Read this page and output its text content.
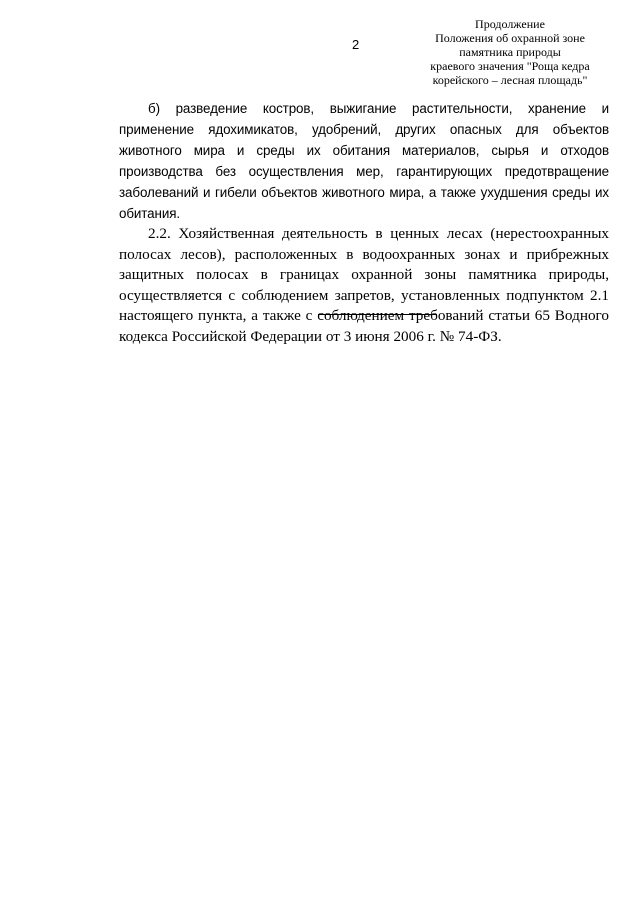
2
Продолжение
Положения об охранной зоне
памятника природы
краевого значения "Роща кедра
корейского – лесная площадь"

б) разведение костров, выжигание растительности, хранение и применение ядохимикатов, удобрений, других опасных для объектов животного мира и среды их обитания материалов, сырья и отходов производства без осуществления мер, гарантирующих предотвращение заболеваний и гибели объектов животного мира, а также ухудшения среды их обитания.

2.2. Хозяйственная деятельность в ценных лесах (нерестоохранных полосах лесов), расположенных в водоохранных зонах и прибрежных защитных полосах в границах охранной зоны памятника природы, осуществляется с соблюдением запретов, установленных подпунктом 2.1 настоящего пункта, а также с соблюдением требований статьи 65 Водного кодекса Российской Федерации от 3 июня 2006 г. № 74-ФЗ.
